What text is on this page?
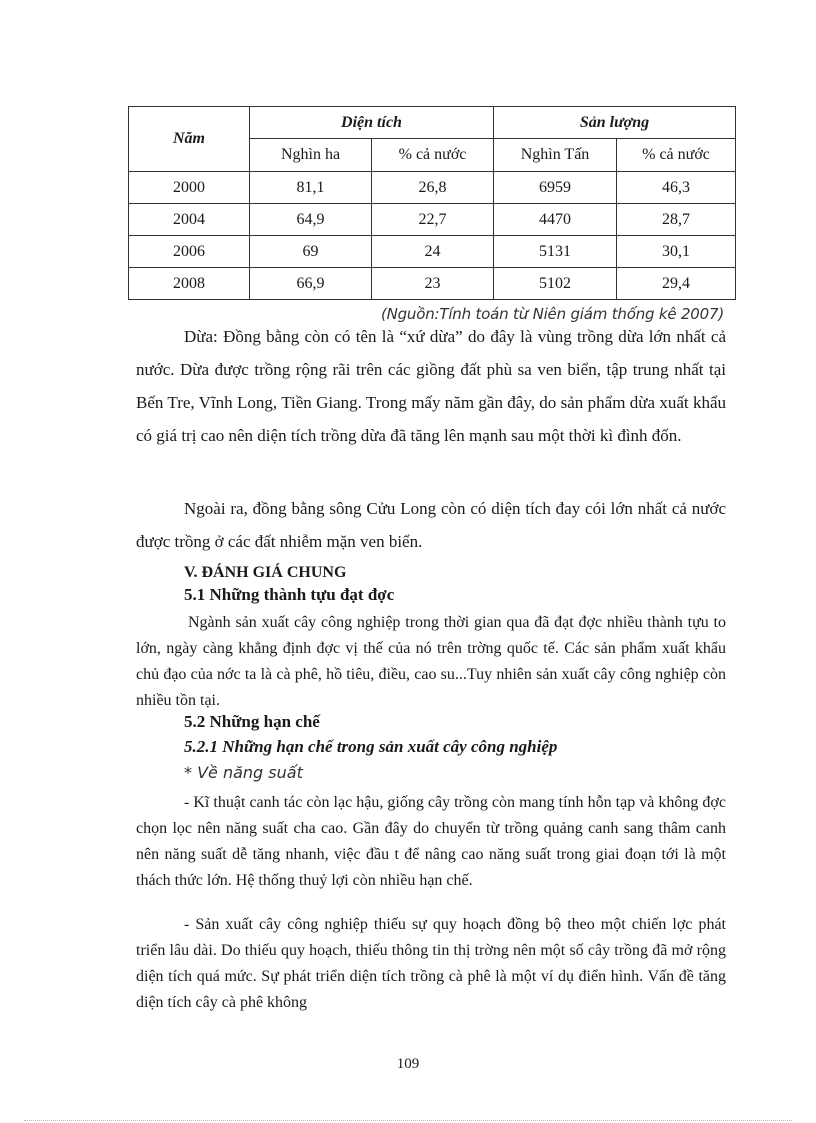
Năm	Diện tích		Sản lượng	
	Nghìn ha	% cả nước	Nghìn Tấn	% cả nước
2000	81,1	26,8	6959	46,3
2004	64,9	22,7	4470	28,7
2006	69	24	5131	30,1
2008	66,9	23	5102	29,4
(Nguồn:Tính toán từ Niên giám thống kê 2007)

Dừa: Đồng bằng còn có tên là “xứ dừa” do đây là vùng trồng dừa lớn nhất cả nước. Dừa được trồng rộng rãi trên các giồng đất phù sa ven biển, tập trung nhất tại Bến Tre, Vĩnh Long, Tiền Giang. Trong mấy năm gần đây, do sản phẩm dừa xuất khẩu có giá trị cao nên diện tích trồng dừa đã tăng lên mạnh sau một thời kì đình đốn.

Ngoài ra, đồng bằng sông Cửu Long còn có diện tích đay cói lớn nhất cả nước được trồng ở các đất nhiễm mặn ven biển.

V. ĐÁNH GIÁ CHUNG
5.1 Những thành tựu đạt đợc

Ngành sản xuất cây công nghiệp trong thời gian qua đã đạt đợc nhiều thành tựu to lớn, ngày càng khẳng định đợc vị thế của nó trên trờng quốc tế. Các sản phẩm xuất khẩu chủ đạo của nớc ta là cà phê, hồ tiêu, điều, cao su...Tuy nhiên sản xuất cây công nghiệp còn nhiều tồn tại.

5.2 Những hạn chế
5.2.1 Những hạn chế trong sản xuất cây công nghiệp
* Về năng suất

- Kĩ thuật canh tác còn lạc hậu, giống cây trồng còn mang tính hỗn tạp và không đợc chọn lọc nên năng suất cha cao. Gần đây do chuyển từ trồng quảng canh sang thâm canh nên năng suất dễ tăng nhanh, việc đầu t để nâng cao năng suất trong giai đoạn tới là một thách thức lớn. Hệ thống thuỷ lợi còn nhiều hạn chế.

- Sản xuất cây công nghiệp thiếu sự quy hoạch đồng bộ theo một chiến lợc phát triển lâu dài. Do thiếu quy hoạch, thiếu thông tin thị trờng nên một số cây trồng đã mở rộng diện tích quá mức. Sự phát triển diện tích trồng cà phê là một ví dụ điển hình. Vấn đề tăng diện tích cây cà phê không

109
